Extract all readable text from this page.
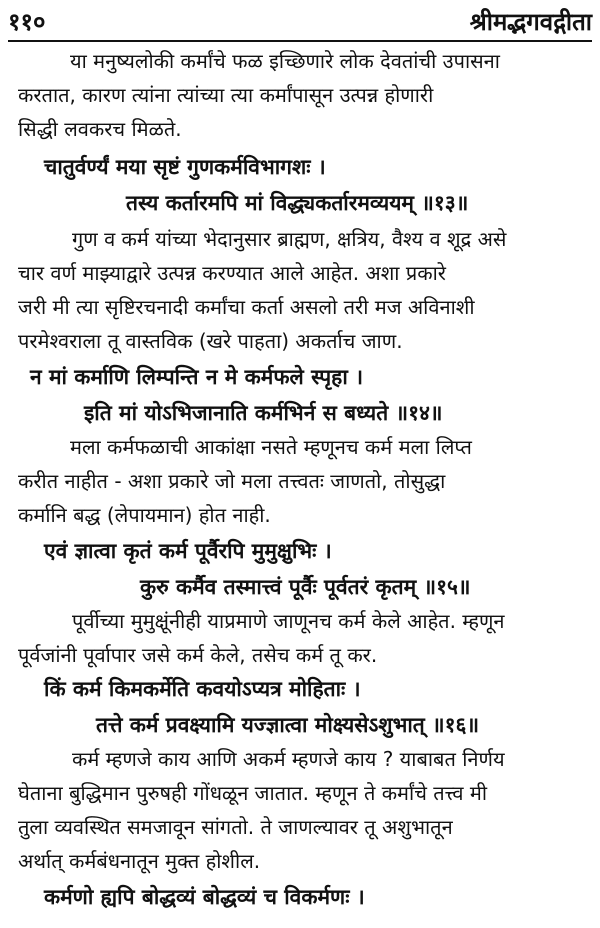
११०	श्रीमद्भगवद्गीता
या मनुष्यलोकी कर्मांचे फळ इच्छिणारे लोक देवतांची उपासना
करतात, कारण त्यांना त्यांच्या त्या कर्मांपासून उत्पन्न होणारी
सिद्धी लवकरच मिळते.
चातुर्वर्ण्यं मया सृष्टं गुणकर्मविभागशः ।
तस्य कर्तारमपि मां विद्ध्यकर्तारमव्ययम् ॥१३॥
गुण व कर्म यांच्या भेदानुसार ब्राह्मण, क्षत्रिय, वैश्य व शूद्र असे
चार वर्ण माझ्याद्वारे उत्पन्न करण्यात आले आहेत. अशा प्रकारे
जरी मी त्या सृष्टिरचनादी कर्मांचा कर्ता असलो तरी मज अविनाशी
परमेश्वराला तू वास्तविक (खरे पाहता) अकर्ताच जाण.
न मां कर्माणि लिम्पन्ति न मे कर्मफले स्पृहा ।
इति मां योऽभिजानाति कर्मभिर्न स बध्यते ॥१४॥
मला कर्मफळाची आकांक्षा नसते म्हणूनच कर्म मला लिप्त
करीत नाहीत - अशा प्रकारे जो मला तत्त्वतः जाणतो, तोसुद्धा
कर्मानि बद्ध (लेपायमान) होत नाही.
एवं ज्ञात्वा कृतं कर्म पूर्वैरपि मुमुक्षुभिः ।
कुरु कर्मैव तस्मात्त्वं पूर्वैः पूर्वतरं कृतम् ॥१५॥
पूर्वीच्या मुमुक्षूंनीही याप्रमाणे जाणूनच कर्म केले आहेत. म्हणून
पूर्वजांनी पूर्वापार जसे कर्म केले, तसेच कर्म तू कर.
किं कर्म किमकर्मेति कवयोऽप्यत्र मोहिताः ।
तत्ते कर्म प्रवक्ष्यामि यज्ज्ञात्वा मोक्ष्यसेऽशुभात् ॥१६॥
कर्म म्हणजे काय आणि अकर्म म्हणजे काय ? याबाबत निर्णय
घेताना बुद्धिमान पुरुषही गोंधळून जातात. म्हणून ते कर्मांचे तत्त्व मी
तुला व्यवस्थित समजावून सांगतो. ते जाणल्यावर तू अशुभातून
अर्थात् कर्मबंधनातून मुक्त होशील.
कर्मणो ह्यपि बोद्धव्यं बोद्धव्यं च विकर्मणः ।
